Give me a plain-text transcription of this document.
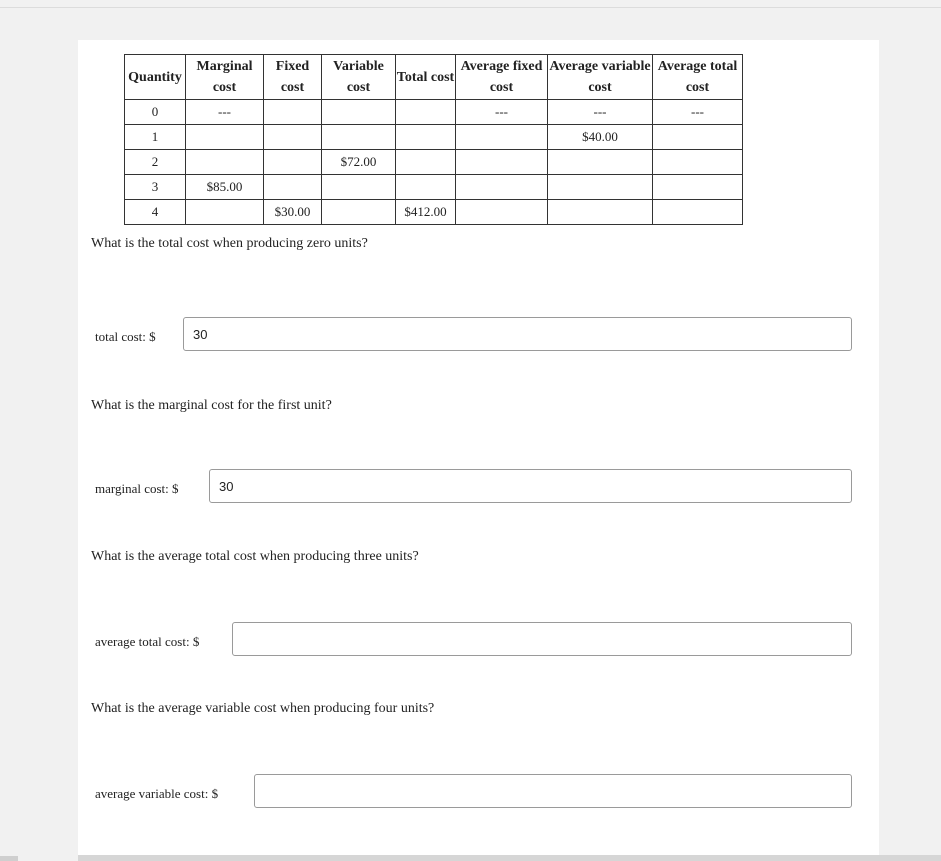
Quantity	Marginal cost	Fixed cost	Variable cost	Total cost	Average fixed cost	Average variable cost	Average total cost
0	---				---	---	---
1						$40.00	
2			$72.00				
3	$85.00						
4		$30.00		$412.00			
What is the total cost when producing zero units?
total cost: $
30
What is the marginal cost for the first unit?
marginal cost: $
30
What is the average total cost when producing three units?
average total cost: $
What is the average variable cost when producing four units?
average variable cost: $
